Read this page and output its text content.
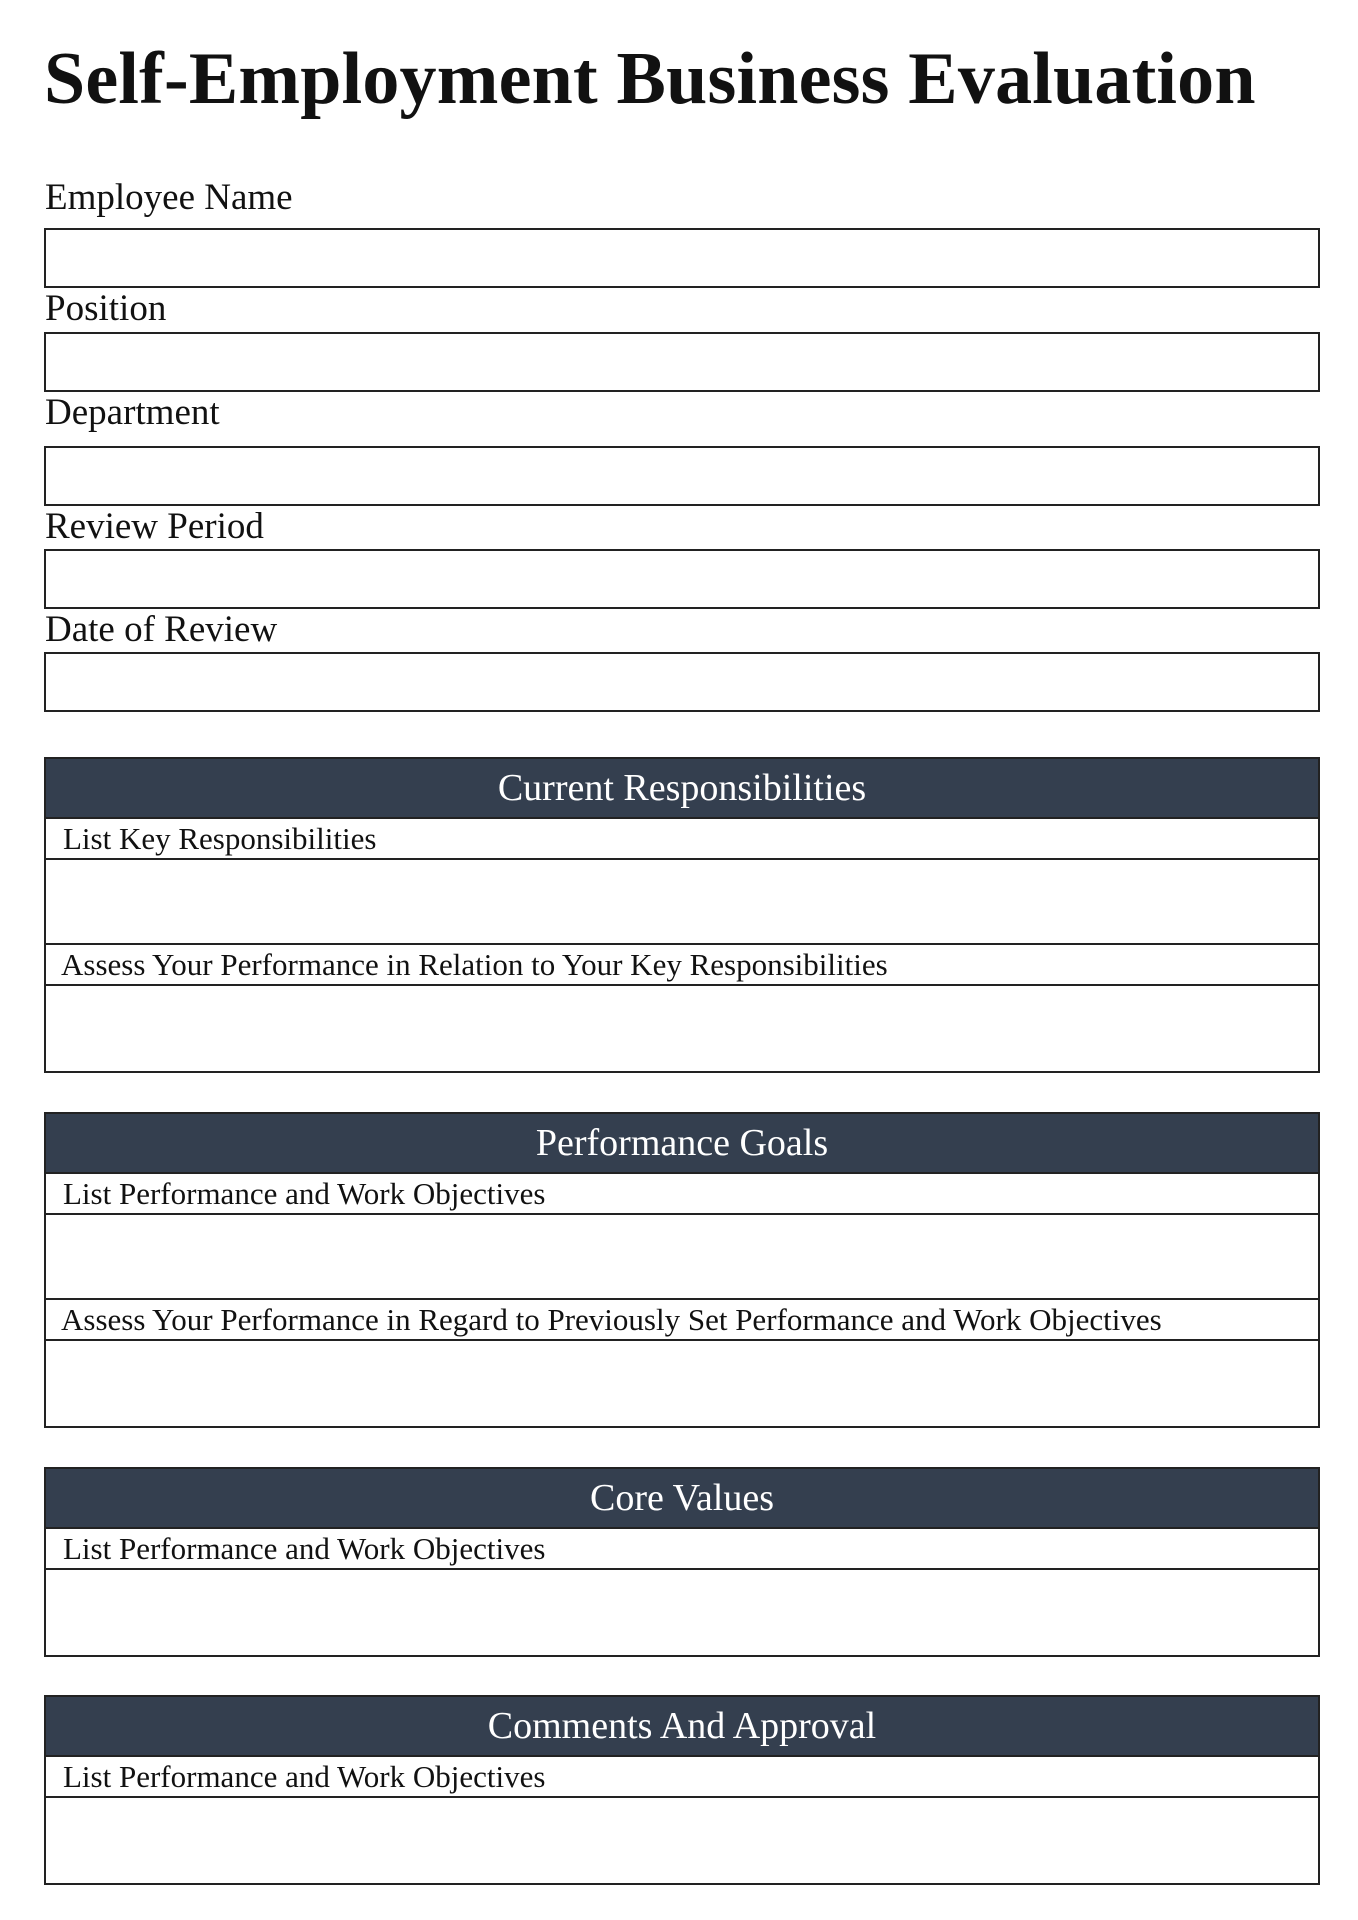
Self-Employment Business Evaluation
Employee Name
Position
Department
Review Period
Date of Review
Current Responsibilities
List Key Responsibilities
Assess Your Performance in Relation to Your Key Responsibilities
Performance Goals
List Performance and Work Objectives
Assess Your Performance in Regard to Previously Set Performance and Work Objectives
Core Values
List Performance and Work Objectives
Comments And Approval
List Performance and Work Objectives
